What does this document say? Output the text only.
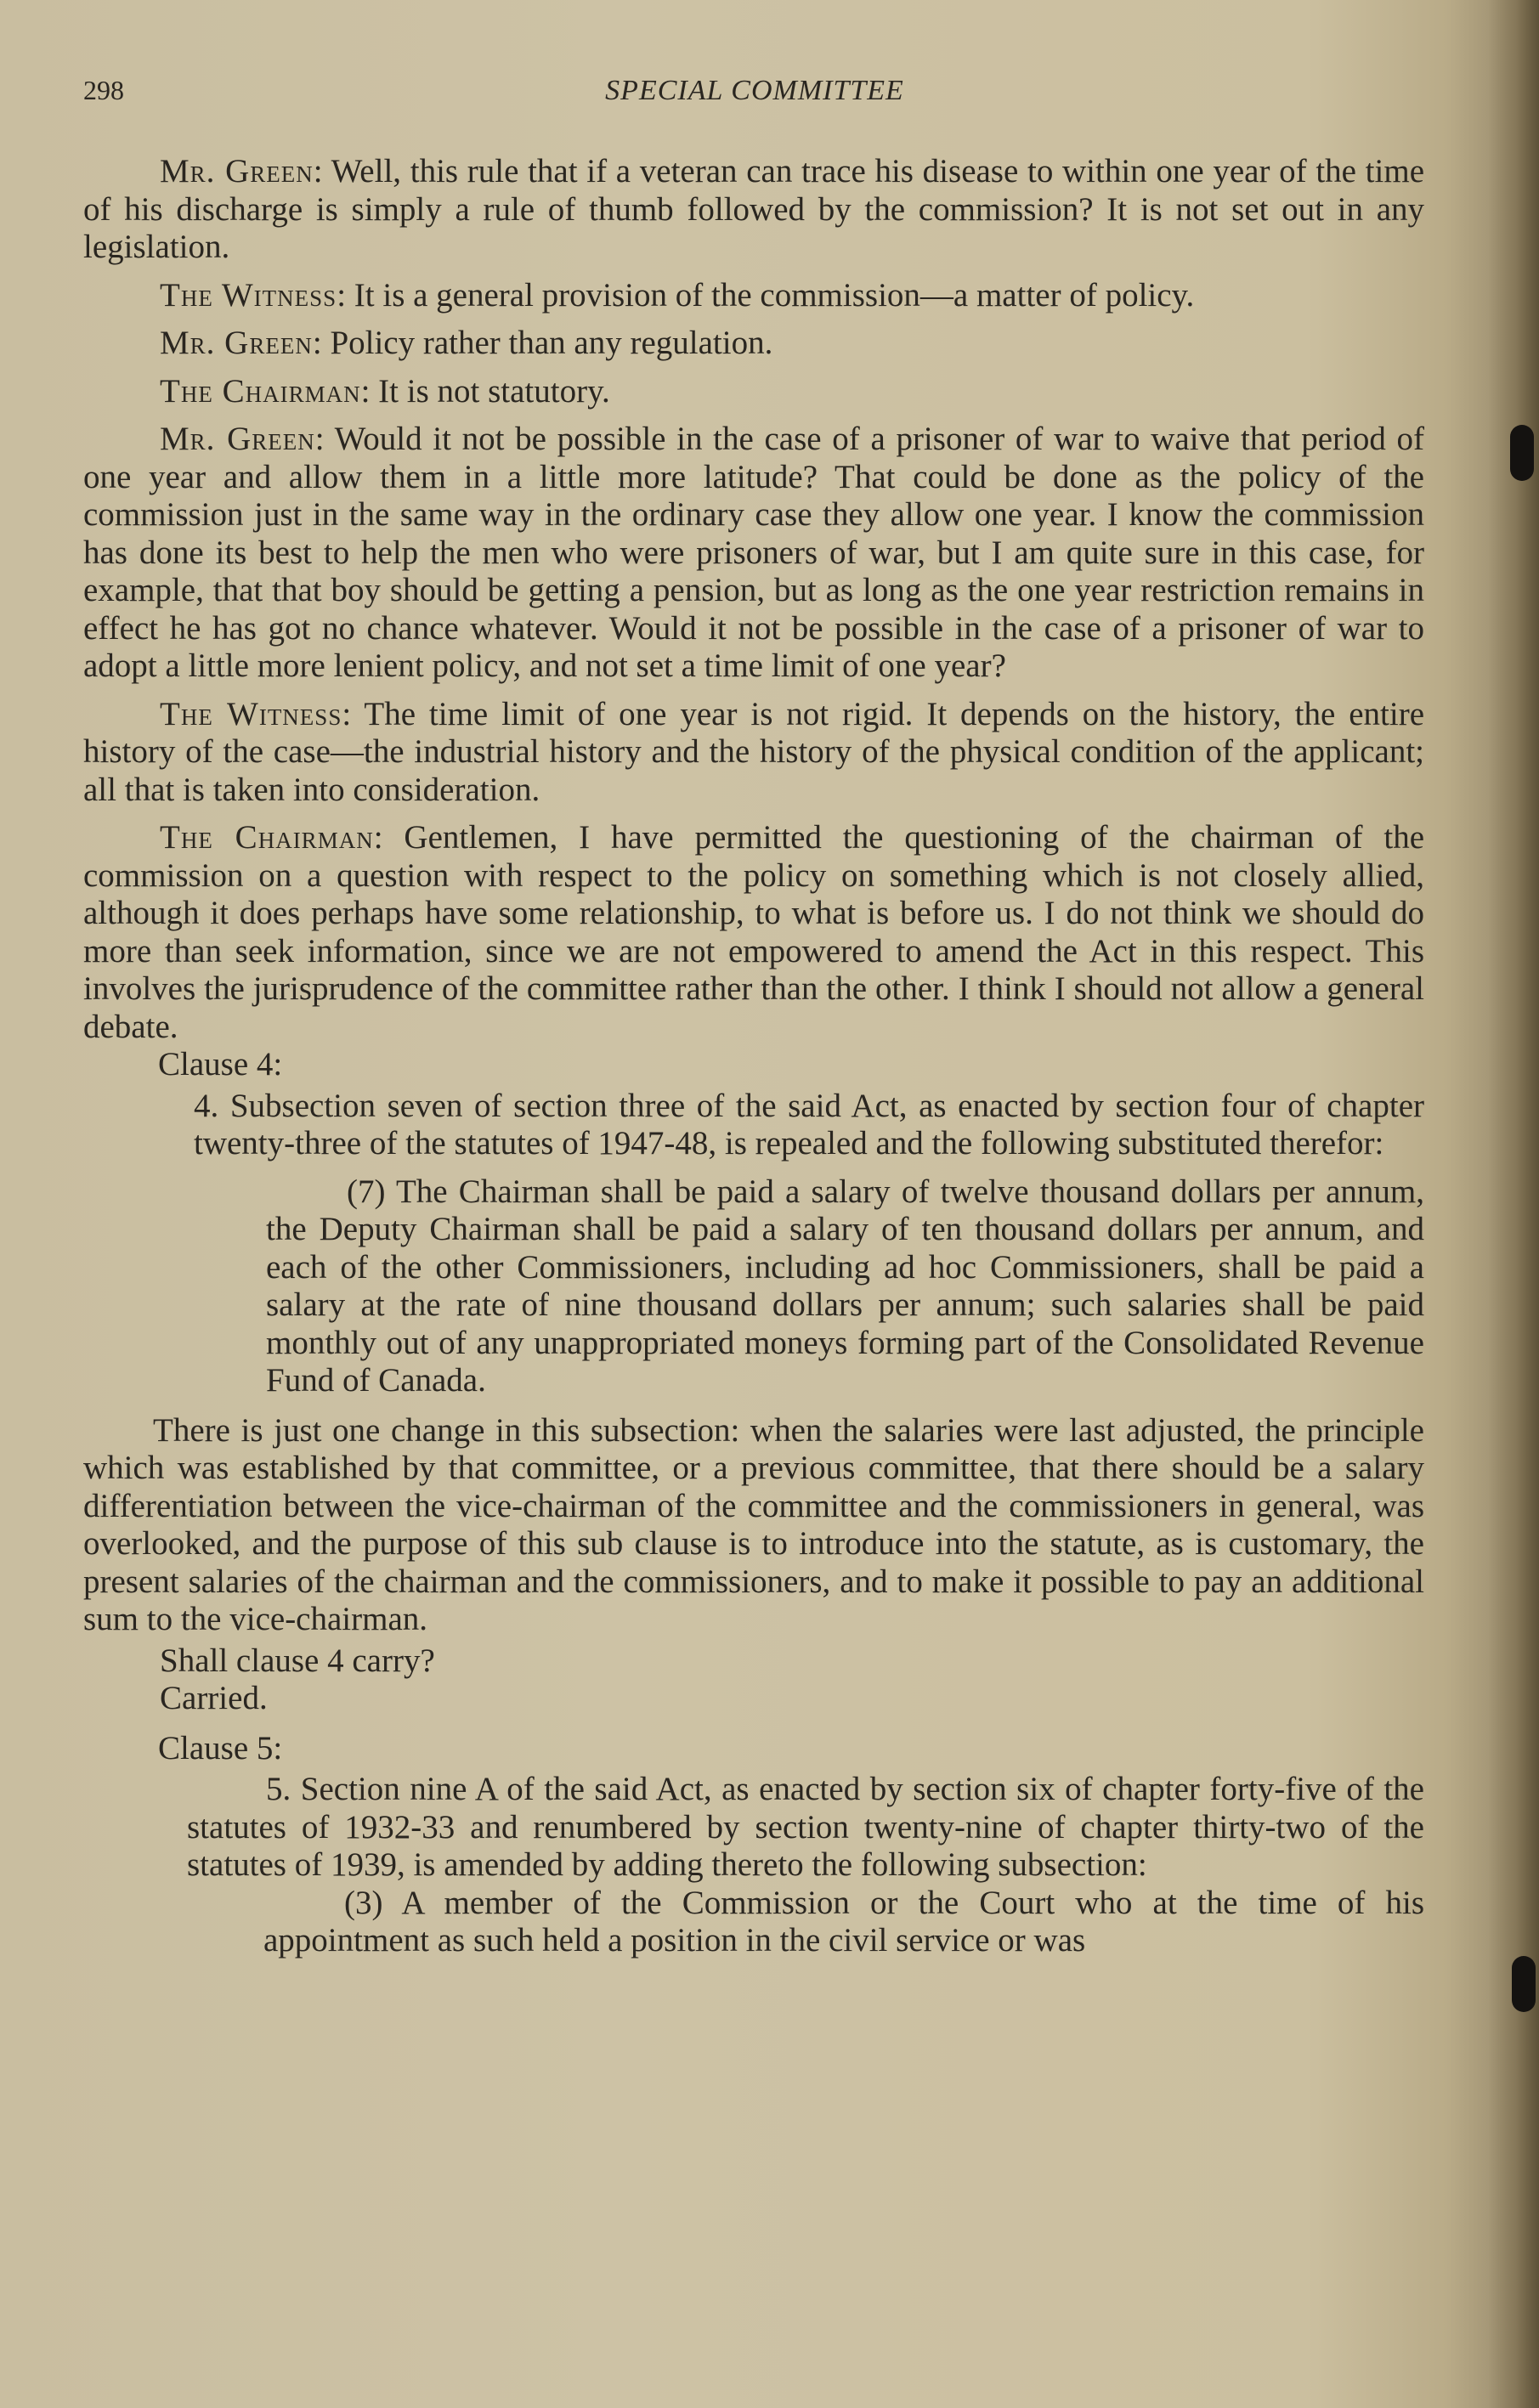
298	SPECIAL COMMITTEE

Mr. Green: Well, this rule that if a veteran can trace his disease to within one year of the time of his discharge is simply a rule of thumb followed by the commission? It is not set out in any legislation.

The Witness: It is a general provision of the commission—a matter of policy.

Mr. Green: Policy rather than any regulation.

The Chairman: It is not statutory.

Mr. Green: Would it not be possible in the case of a prisoner of war to waive that period of one year and allow them in a little more latitude? That could be done as the policy of the commission just in the same way in the ordinary case they allow one year. I know the commission has done its best to help the men who were prisoners of war, but I am quite sure in this case, for example, that that boy should be getting a pension, but as long as the one year restriction remains in effect he has got no chance whatever. Would it not be possible in the case of a prisoner of war to adopt a little more lenient policy, and not set a time limit of one year?

The Witness: The time limit of one year is not rigid. It depends on the history, the entire history of the case—the industrial history and the history of the physical condition of the applicant; all that is taken into consideration.

The Chairman: Gentlemen, I have permitted the questioning of the chairman of the commission on a question with respect to the policy on something which is not closely allied, although it does perhaps have some relationship, to what is before us. I do not think we should do more than seek information, since we are not empowered to amend the Act in this respect. This involves the jurisprudence of the committee rather than the other. I think I should not allow a general debate.

Clause 4:

4. Subsection seven of section three of the said Act, as enacted by section four of chapter twenty-three of the statutes of 1947-48, is repealed and the following substituted therefor:

(7) The Chairman shall be paid a salary of twelve thousand dollars per annum, the Deputy Chairman shall be paid a salary of ten thousand dollars per annum, and each of the other Commissioners, including ad hoc Commissioners, shall be paid a salary at the rate of nine thousand dollars per annum; such salaries shall be paid monthly out of any unappropriated moneys forming part of the Consolidated Revenue Fund of Canada.

There is just one change in this subsection: when the salaries were last adjusted, the principle which was established by that committee, or a previous committee, that there should be a salary differentiation between the vice-chairman of the committee and the commissioners in general, was overlooked, and the purpose of this sub clause is to introduce into the statute, as is customary, the present salaries of the chairman and the commissioners, and to make it possible to pay an additional sum to the vice-chairman.

Shall clause 4 carry?

Carried.

Clause 5:

5. Section nine A of the said Act, as enacted by section six of chapter forty-five of the statutes of 1932-33 and renumbered by section twenty-nine of chapter thirty-two of the statutes of 1939, is amended by adding thereto the following subsection:

(3) A member of the Commission or the Court who at the time of his appointment as such held a position in the civil service or was
